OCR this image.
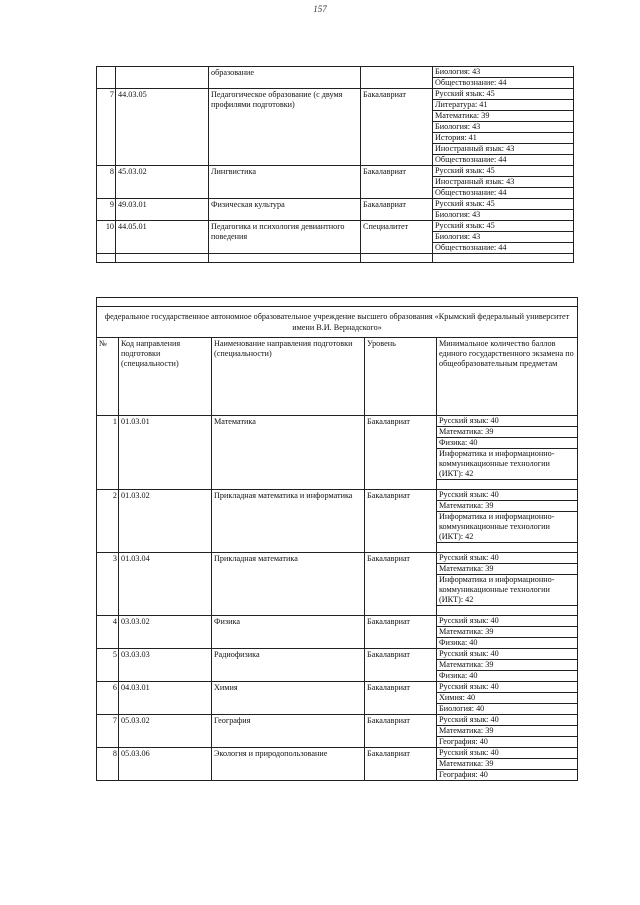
157
		образование		Биология: 43
				Обществознание: 44
7	44.03.05	Педагогическое образование (с двумя профилями подготовки)	Бакалавриат	Русский язык: 45
				Литература: 41
				Математика: 39
				Биология: 43
				История: 41
				Иностранный язык: 43
				Обществознание: 44
8	45.03.02	Лингвистика	Бакалавриат	Русский язык: 45
				Иностранный язык: 43
				Обществознание: 44
9	49.03.01	Физическая культура	Бакалавриат	Русский язык: 45
				Биология: 43
10	44.05.01	Педагогика и психология девиантного поведения	Специалитет	Русский язык: 45
				Биология: 43
				Обществознание: 44

федеральное государственное автономное образовательное учреждение высшего образования «Крымский федеральный университет имени В.И. Вернадского»				
№	Код направления подготовки (специальности)	Наименование направления подготовки (специальности)	Уровень	Минимальное количество баллов единого государственного экзамена по общеобразовательным предметам
1	01.03.01	Математика	Бакалавриат	Русский язык: 40
				Математика: 39
				Физика: 40
				Информатика и информационно-коммуникационные технологии (ИКТ): 42

2	01.03.02	Прикладная математика и информатика	Бакалавриат	Русский язык: 40
				Математика: 39
				Информатика и информационно-коммуникационные технологии (ИКТ): 42

3	01.03.04	Прикладная математика	Бакалавриат	Русский язык: 40
				Математика: 39
				Информатика и информационно-коммуникационные технологии (ИКТ): 42

4	03.03.02	Физика	Бакалавриат	Русский язык: 40
				Математика: 39
				Физика: 40
5	03.03.03	Радиофизика	Бакалавриат	Русский язык: 40
				Математика: 39
				Физика: 40
6	04.03.01	Химия	Бакалавриат	Русский язык: 40
				Химия: 40
				Биология: 40
7	05.03.02	География	Бакалавриат	Русский язык: 40
				Математика: 39
				География: 40
8	05.03.06	Экология и природопользование	Бакалавриат	Русский язык: 40
				Математика: 39
				География: 40
